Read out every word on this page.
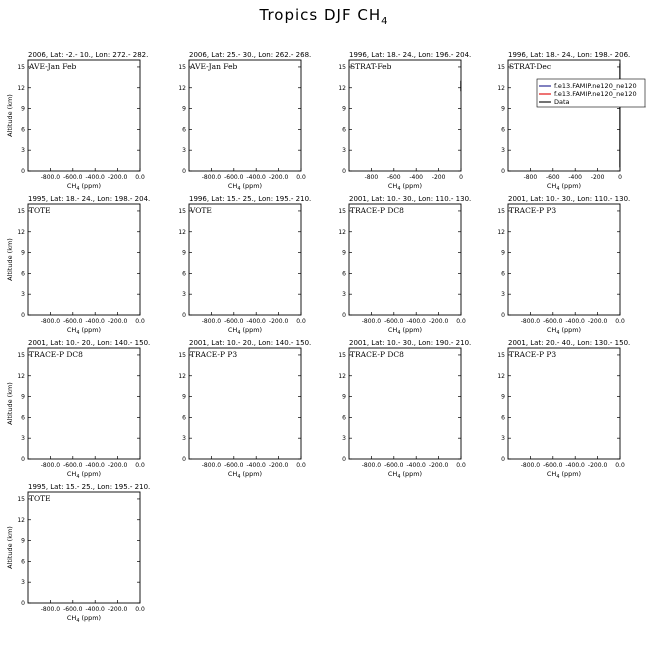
Tropics DJF $CH_4$
2006, Lat: -2.- 10., Lon: 272.- 282.
0
3
6
9
12
15
-800.0 -600.0 -400.0 -200.0 0.0
AVE-Jan Feb
$CH_4$ (ppm)
Altitude (km)
2006, Lat: 25.- 30., Lon: 262.- 268.
0
3
6
9
12
15
-800.0 -600.0 -400.0 -200.0 0.0
AVE-Jan Feb
$CH_4$ (ppm)
1996, Lat: 18.- 24., Lon: 196.- 204.
0
3
6
9
12
15
-800 -600 -400 -200 0
STRAT-Feb
$CH_4$ (ppm)
1996, Lat: 18.- 24., Lon: 198.- 206.
0
3
6
9
12
15
-800 -600 -400 -200 0
STRAT-Dec
$CH_4$ (ppm)
1995, Lat: 18.- 24., Lon: 198.- 204.
0
3
6
9
12
15
-800.0 -600.0 -400.0 -200.0 0.0
TOTE
$CH_4$ (ppm)
Altitude (km)
1996, Lat: 15.- 25., Lon: 195.- 210.
0
3
6
9
12
15
-800.0 -600.0 -400.0 -200.0 0.0
VOTE
$CH_4$ (ppm)
2001, Lat: 10.- 30., Lon: 110.- 130.
0
3
6
9
12
15
-800.0 -600.0 -400.0 -200.0 0.0
TRACE-P DC8
$CH_4$ (ppm)
2001, Lat: 10.- 30., Lon: 110.- 130.
0
3
6
9
12
15
-800.0 -600.0 -400.0 -200.0 0.0
TRACE-P P3
$CH_4$ (ppm)
2001, Lat: 10.- 20., Lon: 140.- 150.
0
3
6
9
12
15
-800.0 -600.0 -400.0 -200.0 0.0
TRACE-P DC8
$CH_4$ (ppm)
Altitude (km)
2001, Lat: 10.- 20., Lon: 140.- 150.
0
3
6
9
12
15
-800.0 -600.0 -400.0 -200.0 0.0
TRACE-P P3
$CH_4$ (ppm)
2001, Lat: 10.- 30., Lon: 190.- 210.
0
3
6
9
12
15
-800.0 -600.0 -400.0 -200.0 0.0
TRACE-P DC8
$CH_4$ (ppm)
2001, Lat: 20.- 40., Lon: 130.- 150.
0
3
6
9
12
15
-800.0 -600.0 -400.0 -200.0 0.0
TRACE-P P3
$CH_4$ (ppm)
1995, Lat: 15.- 25., Lon: 195.- 210.
0
3
6
9
12
15
-800.0 -600.0 -400.0 -200.0 0.0
TOTE
$CH_4$ (ppm)
Altitude (km)
f.e13.FAMIP.ne120_ne120
f.e13.FAMIP.ne120_ne120
Data
